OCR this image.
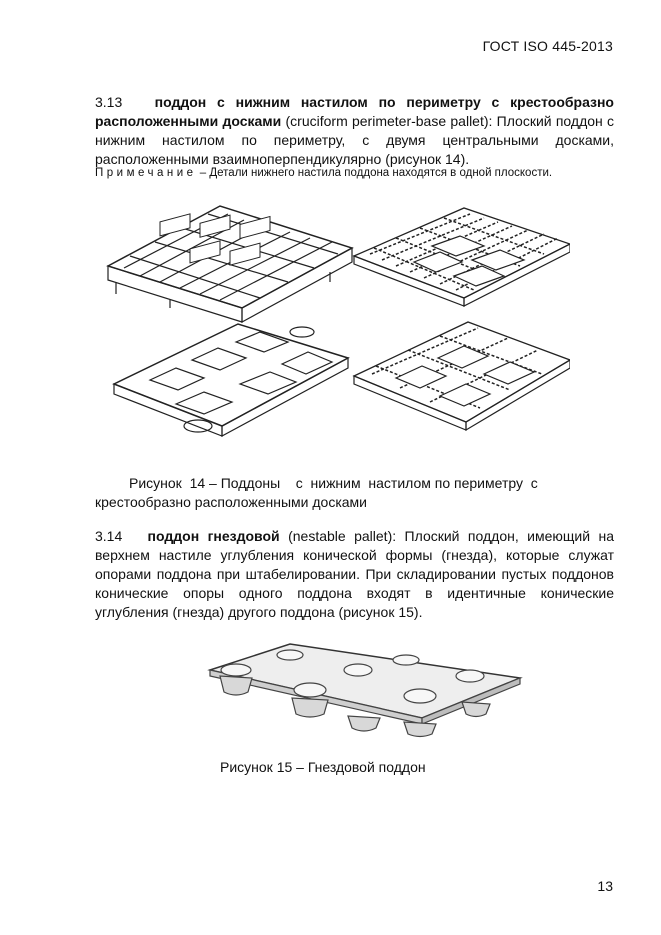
ГОСТ ISO 445-2013
3.13 поддон с нижним настилом по периметру с крестообразно расположенными досками (cruciform perimeter-base pallet): Плоский поддон с нижним настилом по периметру, с двумя центральными досками, расположенными взаимноперпендикулярно (рисунок 14).
Примечание – Детали нижнего настила поддона находятся в одной плоскости.
Рисунок  14 – Поддоны    с  нижним  настилом по периметру  с
крестообразно расположенными досками
3.14 поддон гнездовой (nestable pallet): Плоский поддон, имеющий на верхнем настиле углубления конической формы (гнезда), которые служат опорами поддона при штабелировании. При складировании пустых поддонов конические опоры одного поддона входят в идентичные конические углубления (гнезда) другого поддона (рисунок 15).
Рисунок 15 – Гнездовой поддон
13
